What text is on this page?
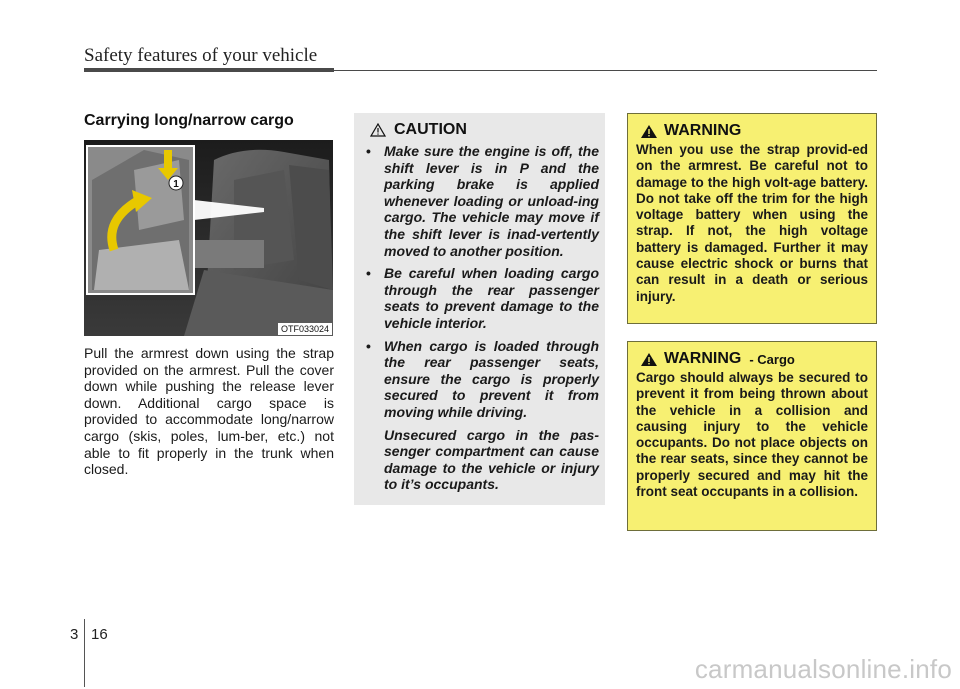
Safety features of your vehicle
Carrying long/narrow cargo
1
OTF033024

Pull the armrest down using the strap provided on the armrest. Pull the cover down while pushing the release lever down. Additional cargo space is provided to accommodate long/narrow cargo (skis, poles, lum-ber, etc.) not able to fit properly in the trunk when closed.

CAUTION
• Make sure the engine is off, the shift lever is in P and the parking brake is applied whenever loading or unload-ing cargo. The vehicle may move if the shift lever is inad-vertently moved to another position.
• Be careful when loading cargo through the rear passenger seats to prevent damage to the vehicle interior.
• When cargo is loaded through the rear passenger seats, ensure the cargo is properly secured to prevent it from moving while driving.

Unsecured cargo in the pas-senger compartment can cause damage to the vehicle or injury to it’s occupants.

WARNING

When you use the strap provid-ed on the armrest. Be careful not to damage to the high volt-age battery. Do not take off the trim for the high voltage battery when using the strap. If not, the high voltage battery is damaged. Further it may cause electric shock or burns that can result in a death or serious injury.

WARNING - Cargo

Cargo should always be secured to prevent it from being thrown about the vehicle in a collision and causing injury to the vehicle occupants. Do not place objects on the rear seats, since they cannot be properly secured and may hit the front seat occupants in a collision.

3 16
carmanualsonline.info
